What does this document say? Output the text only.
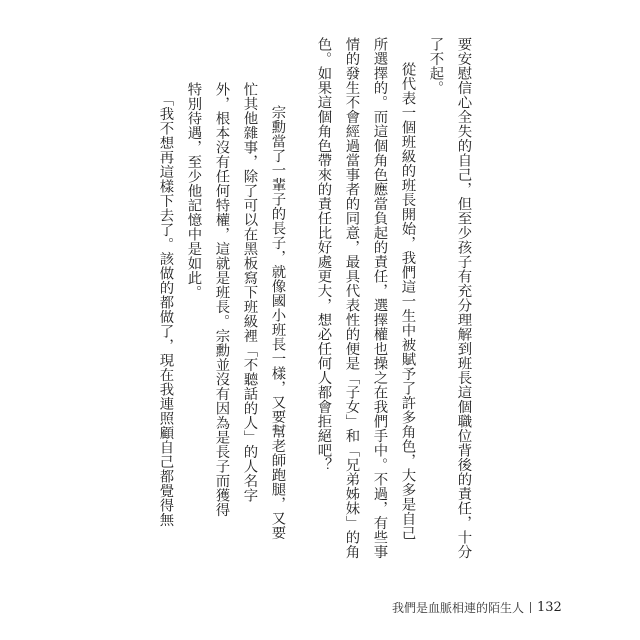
要安慰信心全失的自己，但至少孩子有充分理解到班長這個職位背後的責任，十分
了不起。
從代表一個班級的班長開始，我們這一生中被賦予了許多角色，大多是自己
所選擇的。而這個角色應當負起的責任，選擇權也操之在我們手中。不過，有些事
情的發生不會經過當事者的同意，最具代表性的便是「子女」和「兄弟姊妹」的角
色。如果這個角色帶來的責任比好處更大，想必任何人都會拒絕吧？
宗勳當了一輩子的長子，就像國小班長一樣，又要幫老師跑腿，又要
忙其他雜事，除了可以在黑板寫下班級裡「不聽話的人」的人名字
外，根本沒有任何特權，這就是班長。宗勳並沒有因為是長子而獲得
特別待遇，至少他記憶中是如此。
「我不想再這樣下去了。該做的都做了，現在我連照顧自己都覺得無
我們是血脈相連的陌生人 132
